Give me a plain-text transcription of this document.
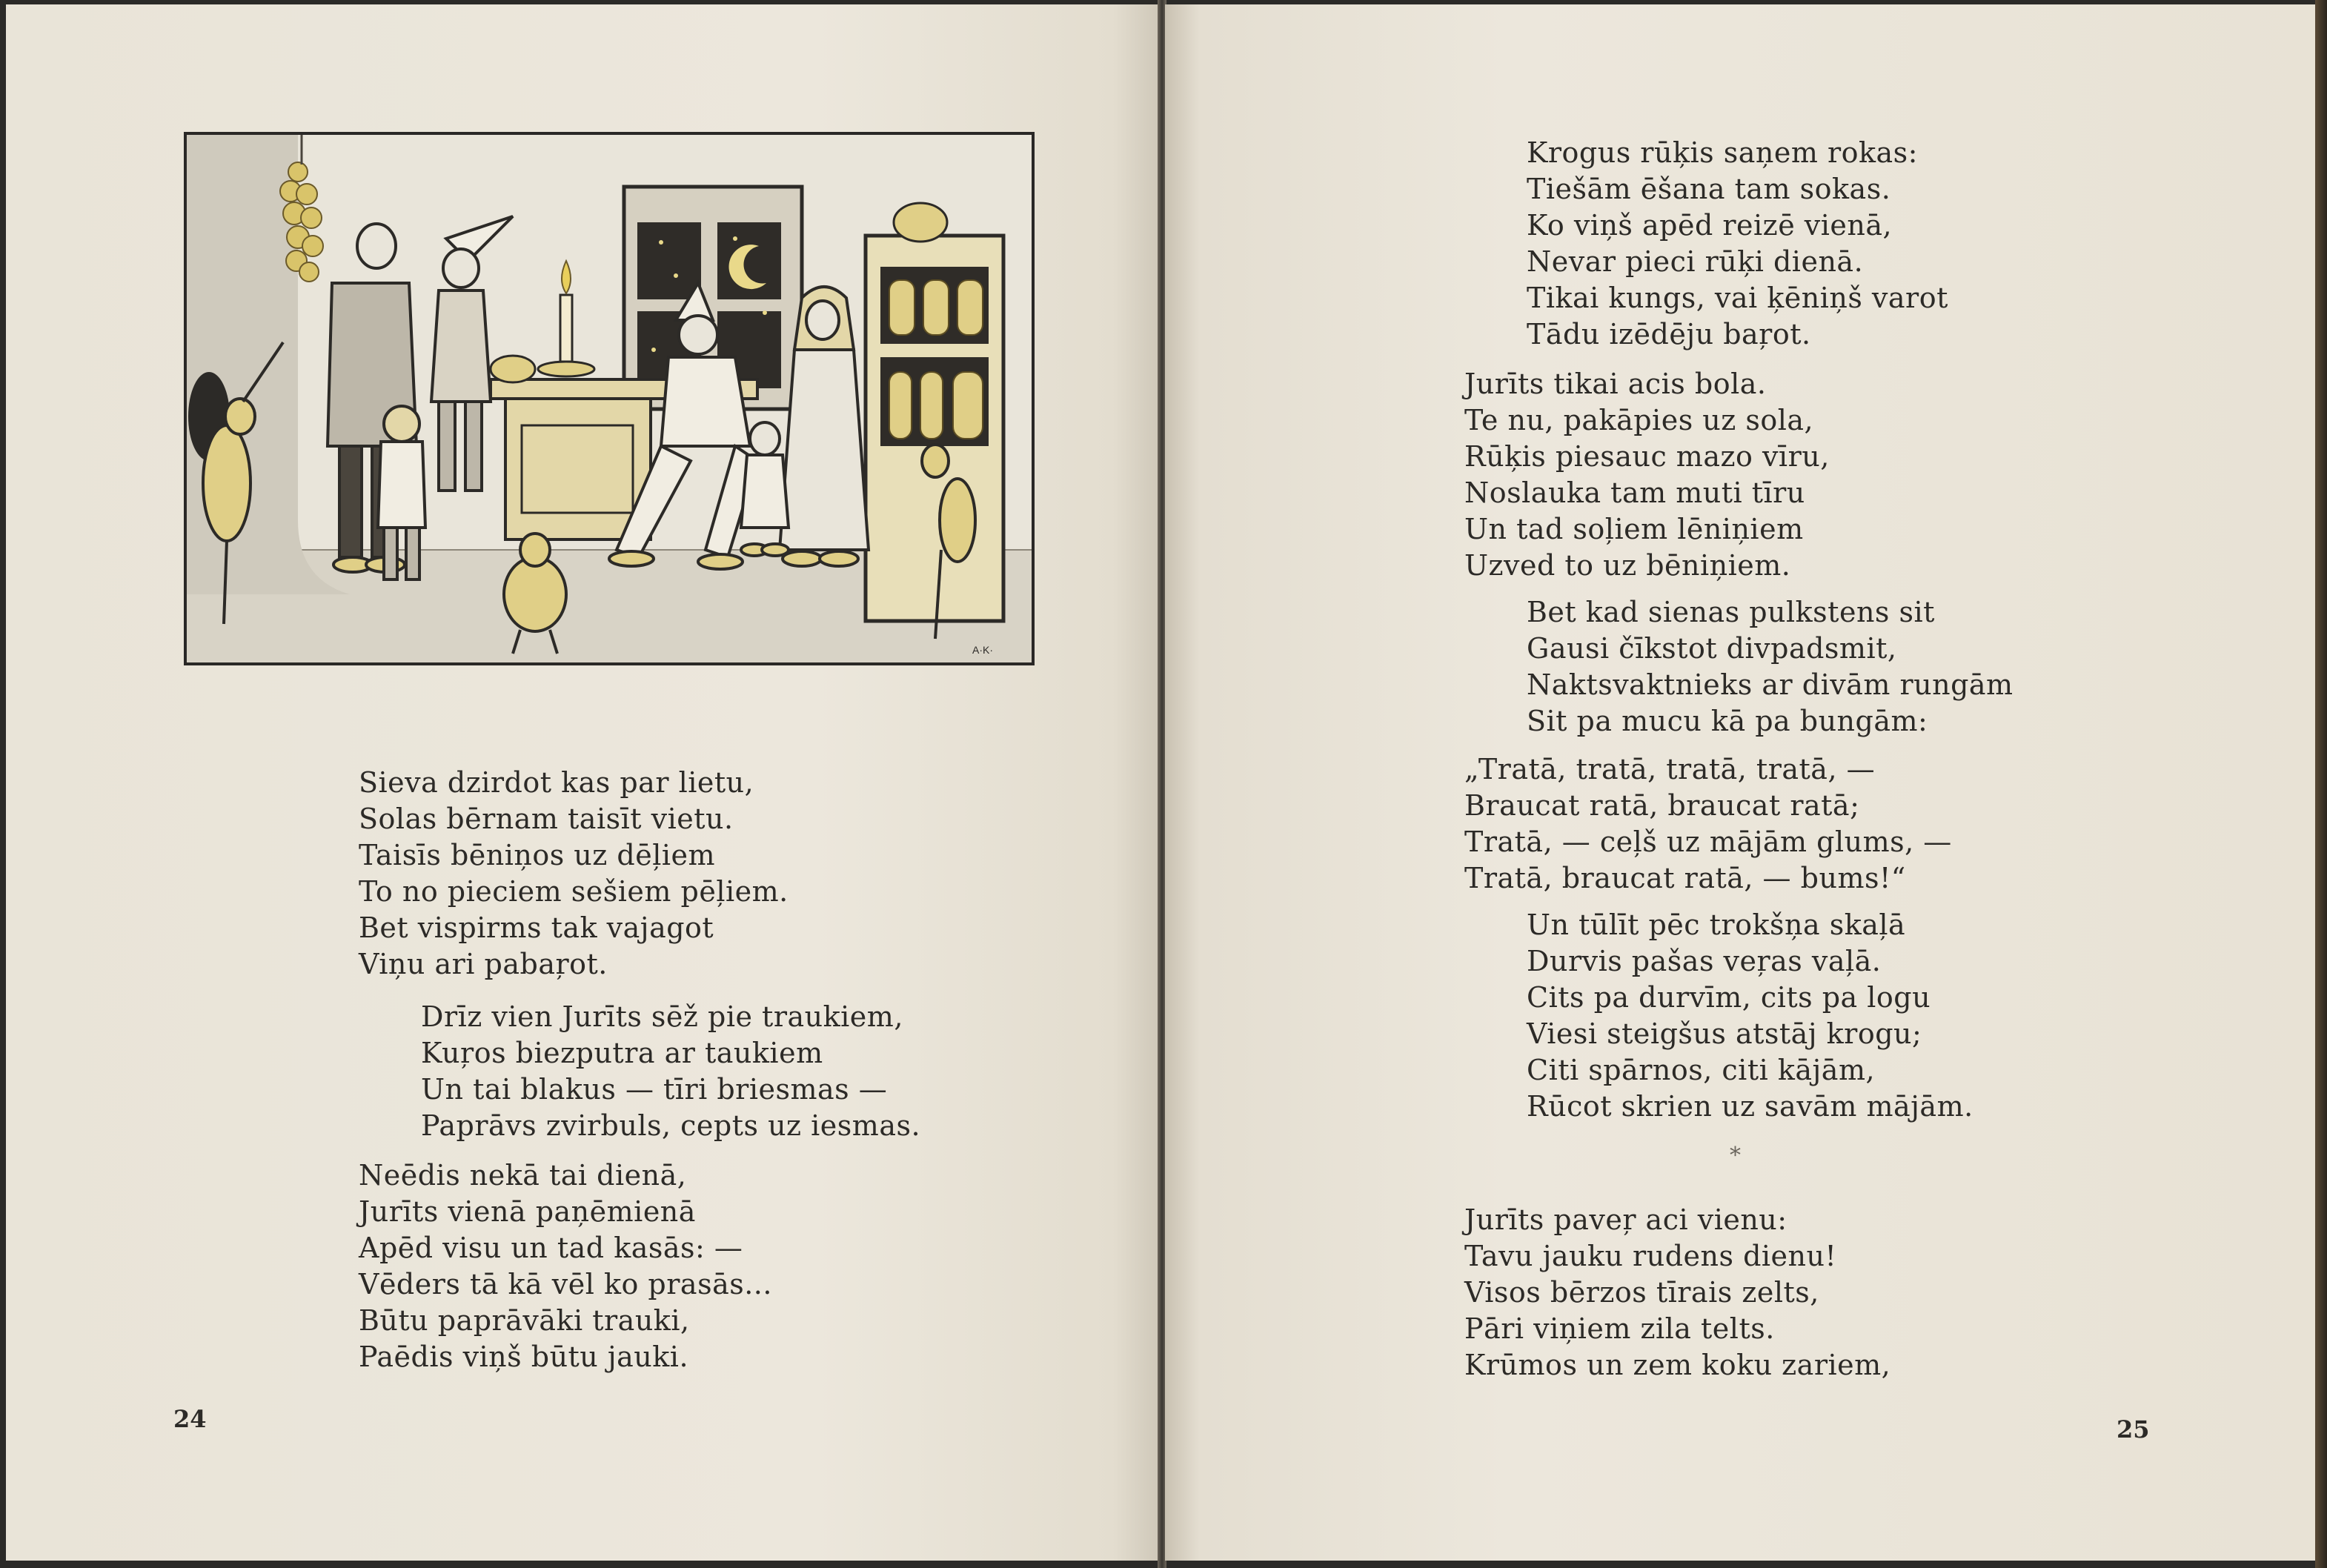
A·K·
Sieva dzirdot kas par lietu,
Solas bērnam taisīt vietu.
Taisīs bēniņos uz dēļiem
To no pieciem sešiem pēļiem.
Bet vispirms tak vajagot
Viņu ari pabaŗot.
Drīz vien Jurīts sēž pie traukiem,
Kuŗos biezputra ar taukiem
Un tai blakus — tīri briesmas —
Paprāvs zvirbuls, cepts uz iesmas.
Neēdis nekā tai dienā,
Jurīts vienā paņēmienā
Apēd visu un tad kasās: —
Vēders tā kā vēl ko prasās...
Būtu paprāvāki trauki,
Paēdis viņš būtu jauki.
24
Krogus rūķis saņem rokas:
Tiešām ēšana tam sokas.
Ko viņš apēd reizē vienā,
Nevar pieci rūķi dienā.
Tikai kungs, vai ķēniņš varot
Tādu izēdēju baŗot.
Jurīts tikai acis bola.
Te nu, pakāpies uz sola,
Rūķis piesauc mazo vīru,
Noslauka tam muti tīru
Un tad soļiem lēniņiem
Uzved to uz bēniņiem.
Bet kad sienas pulkstens sit
Gausi čīkstot divpadsmit,
Naktsvaktnieks ar divām rungām
Sit pa mucu kā pa bungām:
„Tratā, tratā, tratā, tratā, —
Braucat ratā, braucat ratā;
Tratā, — ceļš uz mājām glums, —
Tratā, braucat ratā, — bums!“
Un tūlīt pēc trokšņa skaļā
Durvis pašas veŗas vaļā.
Cits pa durvīm, cits pa logu
Viesi steigšus atstāj krogu;
Citi spārnos, citi kājām,
Rūcot skrien uz savām mājām.
*
Jurīts paveŗ aci vienu:
Tavu jauku rudens dienu!
Visos bērzos tīrais zelts,
Pāri viņiem zila telts.
Krūmos un zem koku zariem,
25
